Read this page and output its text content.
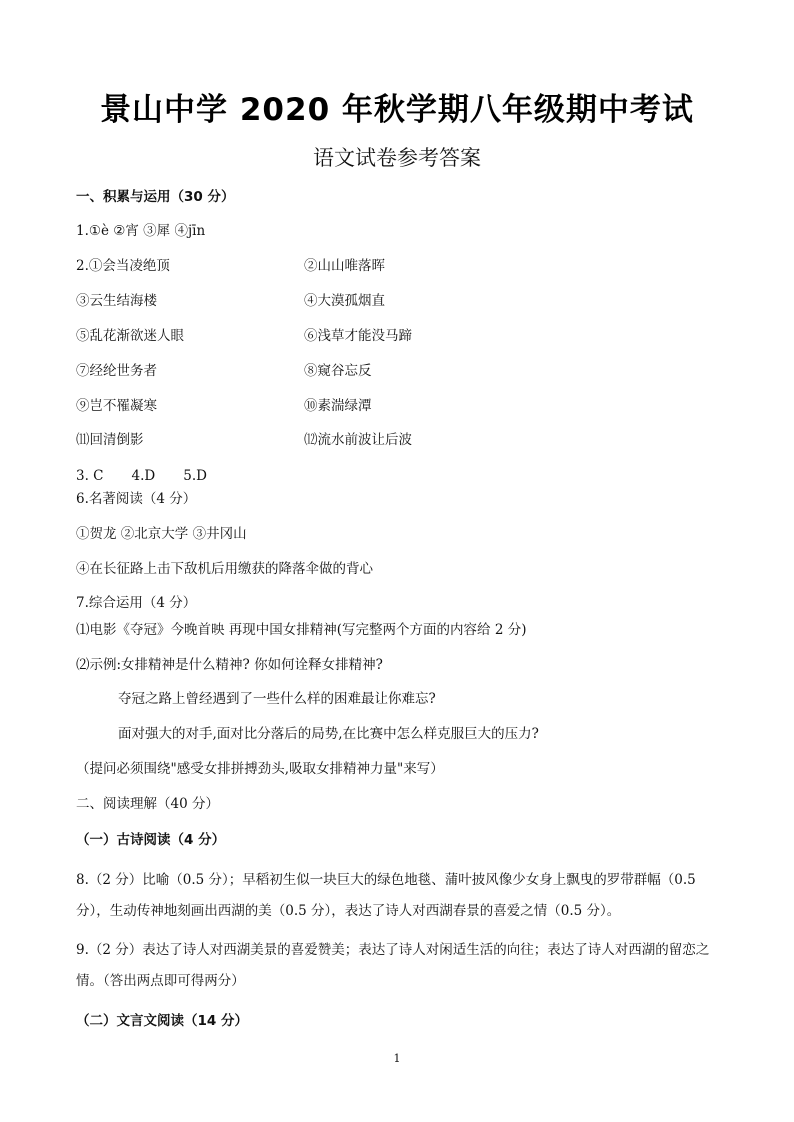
景山中学 2020 年秋学期八年级期中考试
语文试卷参考答案
一、积累与运用（30 分）
1.①è ②宵 ③犀 ④jīn
2.①会当凌绝顶	②山山唯落晖
③云生结海楼	④大漠孤烟直
⑤乱花渐欲迷人眼	⑥浅草才能没马蹄
⑦经纶世务者	⑧窥谷忘反
⑨岂不罹凝寒	⑩素湍绿潭
⑾回清倒影	⑿流水前波让后波
3. C 4.D 5.D
6.名著阅读（4 分）
①贺龙 ②北京大学 ③井冈山
④在长征路上击下敌机后用缴获的降落伞做的背心
7.综合运用（4 分）
⑴电影《夺冠》今晚首映 再现中国女排精神(写完整两个方面的内容给 2 分)
⑵示例:女排精神是什么精神? 你如何诠释女排精神?
夺冠之路上曾经遇到了一些什么样的困难最让你难忘?
面对强大的对手,面对比分落后的局势,在比赛中怎么样克服巨大的压力?
（提问必须围绕"感受女排拼搏劲头,吸取女排精神力量"来写）
二、阅读理解（40 分）
（一）古诗阅读（4 分）
8.（2 分）比喻（0.5 分）；早稻初生似一块巨大的绿色地毯、蒲叶披风像少女身上飘曳的罗带群幅（0.5 分），生动传神地刻画出西湖的美（0.5 分），表达了诗人对西湖春景的喜爱之情（0.5 分）。
9.（2 分）表达了诗人对西湖美景的喜爱赞美；表达了诗人对闲适生活的向往；表达了诗人对西湖的留恋之情。（答出两点即可得两分）
（二）文言文阅读（14 分）
1
